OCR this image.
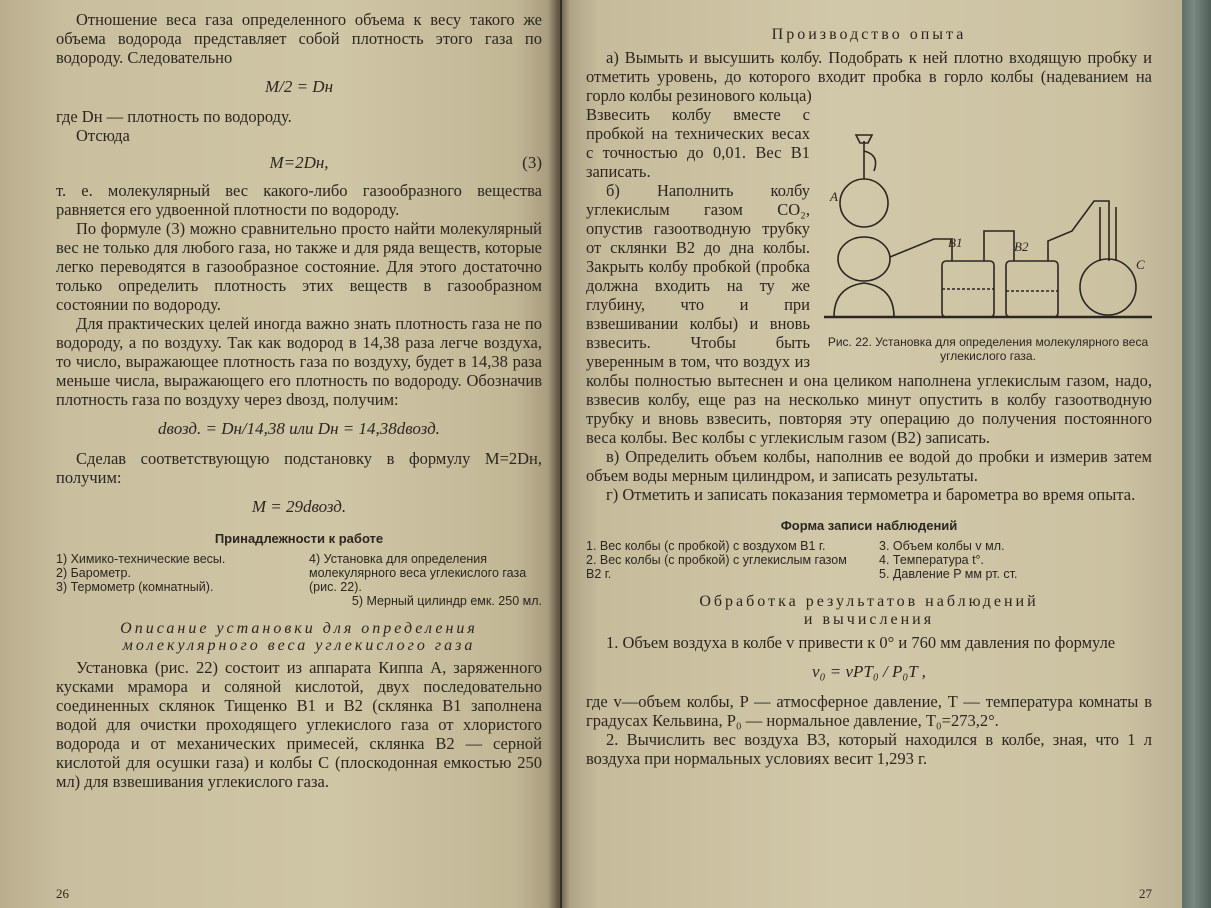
Отношение веса газа определенного объема к весу такого же объема водорода представляет собой плотность этого газа по водороду. Следовательно

M/2 = Dн

где Dн — плотность по водороду.

Отсюда

M=2Dн,	(3)

т. е. молекулярный вес какого-либо газообразного вещества равняется его удвоенной плотности по водороду.

По формуле (3) можно сравнительно просто найти молекулярный вес не только для любого газа, но также и для ряда веществ, которые легко переводятся в газообразное состояние. Для этого достаточно только определить плотность этих веществ в газообразном состоянии по водороду.

Для практических целей иногда важно знать плотность газа не по водороду, а по воздуху. Так как водород в 14,38 раза легче воздуха, то число, выражающее плотность газа по воздуху, будет в 14,38 раза меньше числа, выражающего его плотность по водороду. Обозначив плотность газа по воздуху через dвозд, получим:

dвозд. = Dн/14,38 или Dн = 14,38dвозд.

Сделав соответствующую подстановку в формулу M=2Dн, получим:

M = 29dвозд.
Принадлежности к работе
1) Химико-технические весы.
2) Барометр.
3) Термометр (комнатный).
4) Установка для определения молекулярного веса углекислого газа (рис. 22).
5) Мерный цилиндр емк. 250 мл.
Описание установки для определения молекулярного веса углекислого газа

Установка (рис. 22) состоит из аппарата Киппа A, заряженного кусками мрамора и соляной кислотой, двух последовательно соединенных склянок Тищенко B1 и B2 (склянка B1 заполнена водой для очистки проходящего углекислого газа от хлористого водорода и от механических примесей, склянка B2 — серной кислотой для осушки газа) и колбы C (плоскодонная емкостью 250 мл) для взвешивания углекислого газа.

26
Производство опыта

а) Вымыть и высушить колбу. Подобрать к ней плотно входящую пробку и отметить уровень, до которого входит пробка в горло колбы (надеванием на горло колбы резинового кольца)

A
B1	B2
C
Рис. 22. Установка для определения молекулярного веса углекислого газа.

Взвесить колбу вместе с пробкой на технических весах с точностью до 0,01. Вес B1 записать.

б) Наполнить колбу углекислым газом CO₂, опустив газоотводную трубку от склянки B2 до дна колбы. Закрыть колбу пробкой (пробка должна входить на ту же глубину, что и при взвешивании колбы) и вновь взвесить. Чтобы быть уверенным в том, что воздух из колбы полностью вытеснен и она целиком наполнена углекислым газом, надо, взвесив колбу, еще раз на несколько минут опустить в колбу газоотводную трубку и вновь взвесить, повторяя эту операцию до получения постоянного веса колбы. Вес колбы с углекислым газом (B2) записать.

в) Определить объем колбы, наполнив ее водой до пробки и измерив затем объем воды мерным цилиндром, и записать результаты.

г) Отметить и записать показания термометра и барометра во время опыта.

Форма записи наблюдений
1. Вес колбы (с пробкой) с воздухом B1 г.
2. Вес колбы (с пробкой) с углекислым газом B2 г.
3. Объем колбы v мл.
4. Температура t°.
5. Давление P мм рт. ст.
Обработка результатов наблюдений
и вычисления

1. Объем воздуха в колбе v привести к 0° и 760 мм давления по формуле

v₀ = vPT₀ / P₀T ,

где v—объем колбы, P — атмосферное давление, T — температура комнаты в градусах Кельвина, P₀ — нормальное давление, T₀=273,2°.

2. Вычислить вес воздуха B3, который находился в колбе, зная, что 1 л воздуха при нормальных условиях весит 1,293 г.

27
